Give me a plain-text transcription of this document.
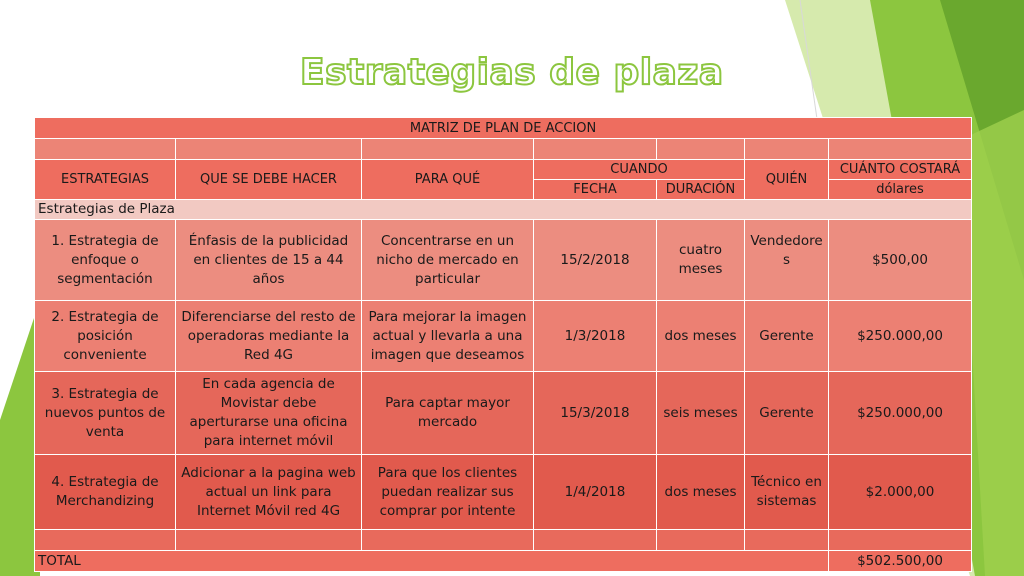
Estrategias de plaza
MATRIZ DE PLAN DE ACCION						

ESTRATEGIAS	QUE SE DEBE HACER	PARA QUÉ	CUANDO		QUIÉN	CUÁNTO COSTARÁ
			FECHA	DURACIÓN		dólares
Estrategias de Plaza						
1. Estrategia de enfoque o segmentación	Énfasis de la publicidad en clientes de 15 a 44 años	Concentrarse en un nicho de mercado en particular	15/2/2018	cuatro meses	Vendedores	$500,00
2. Estrategia de posición conveniente	Diferenciarse del resto de operadoras mediante la Red 4G	Para mejorar la imagen actual y llevarla a una imagen que deseamos	1/3/2018	dos meses	Gerente	$250.000,00
3. Estrategia de nuevos puntos de venta	En cada agencia de Movistar debe aperturarse una oficina para internet móvil	Para captar mayor mercado	15/3/2018	seis meses	Gerente	$250.000,00
4. Estrategia de Merchandizing	Adicionar a la pagina web actual un link para Internet Móvil red 4G	Para que los clientes puedan realizar sus comprar por intente	1/4/2018	dos meses	Técnico en sistemas	$2.000,00

TOTAL						$502.500,00
